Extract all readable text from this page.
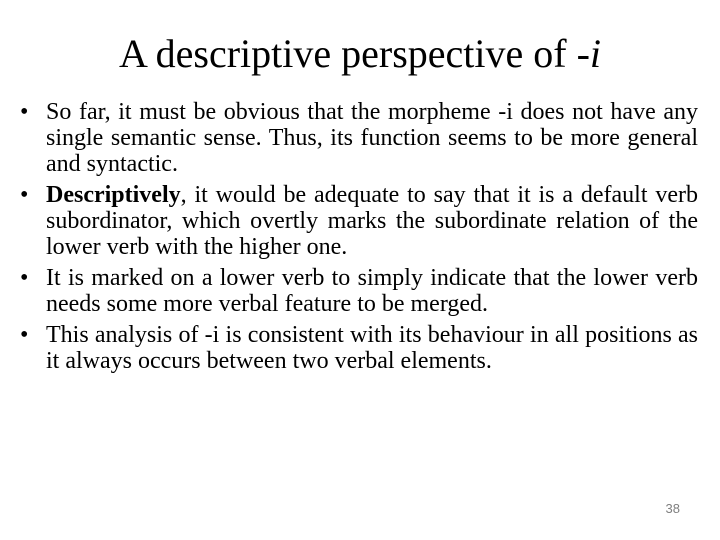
A descriptive perspective of -i
• So far, it must be obvious that the morpheme -i does not have any single semantic sense. Thus, its function seems to be more general and syntactic.
• Descriptively, it would be adequate to say that it is a default verb subordinator, which overtly marks the subordinate relation of the lower verb with the higher one.
• It is marked on a lower verb to simply indicate that the lower verb needs some more verbal feature to be merged.
• This analysis of -i is consistent with its behaviour in all positions as it always occurs between two verbal elements.
38
